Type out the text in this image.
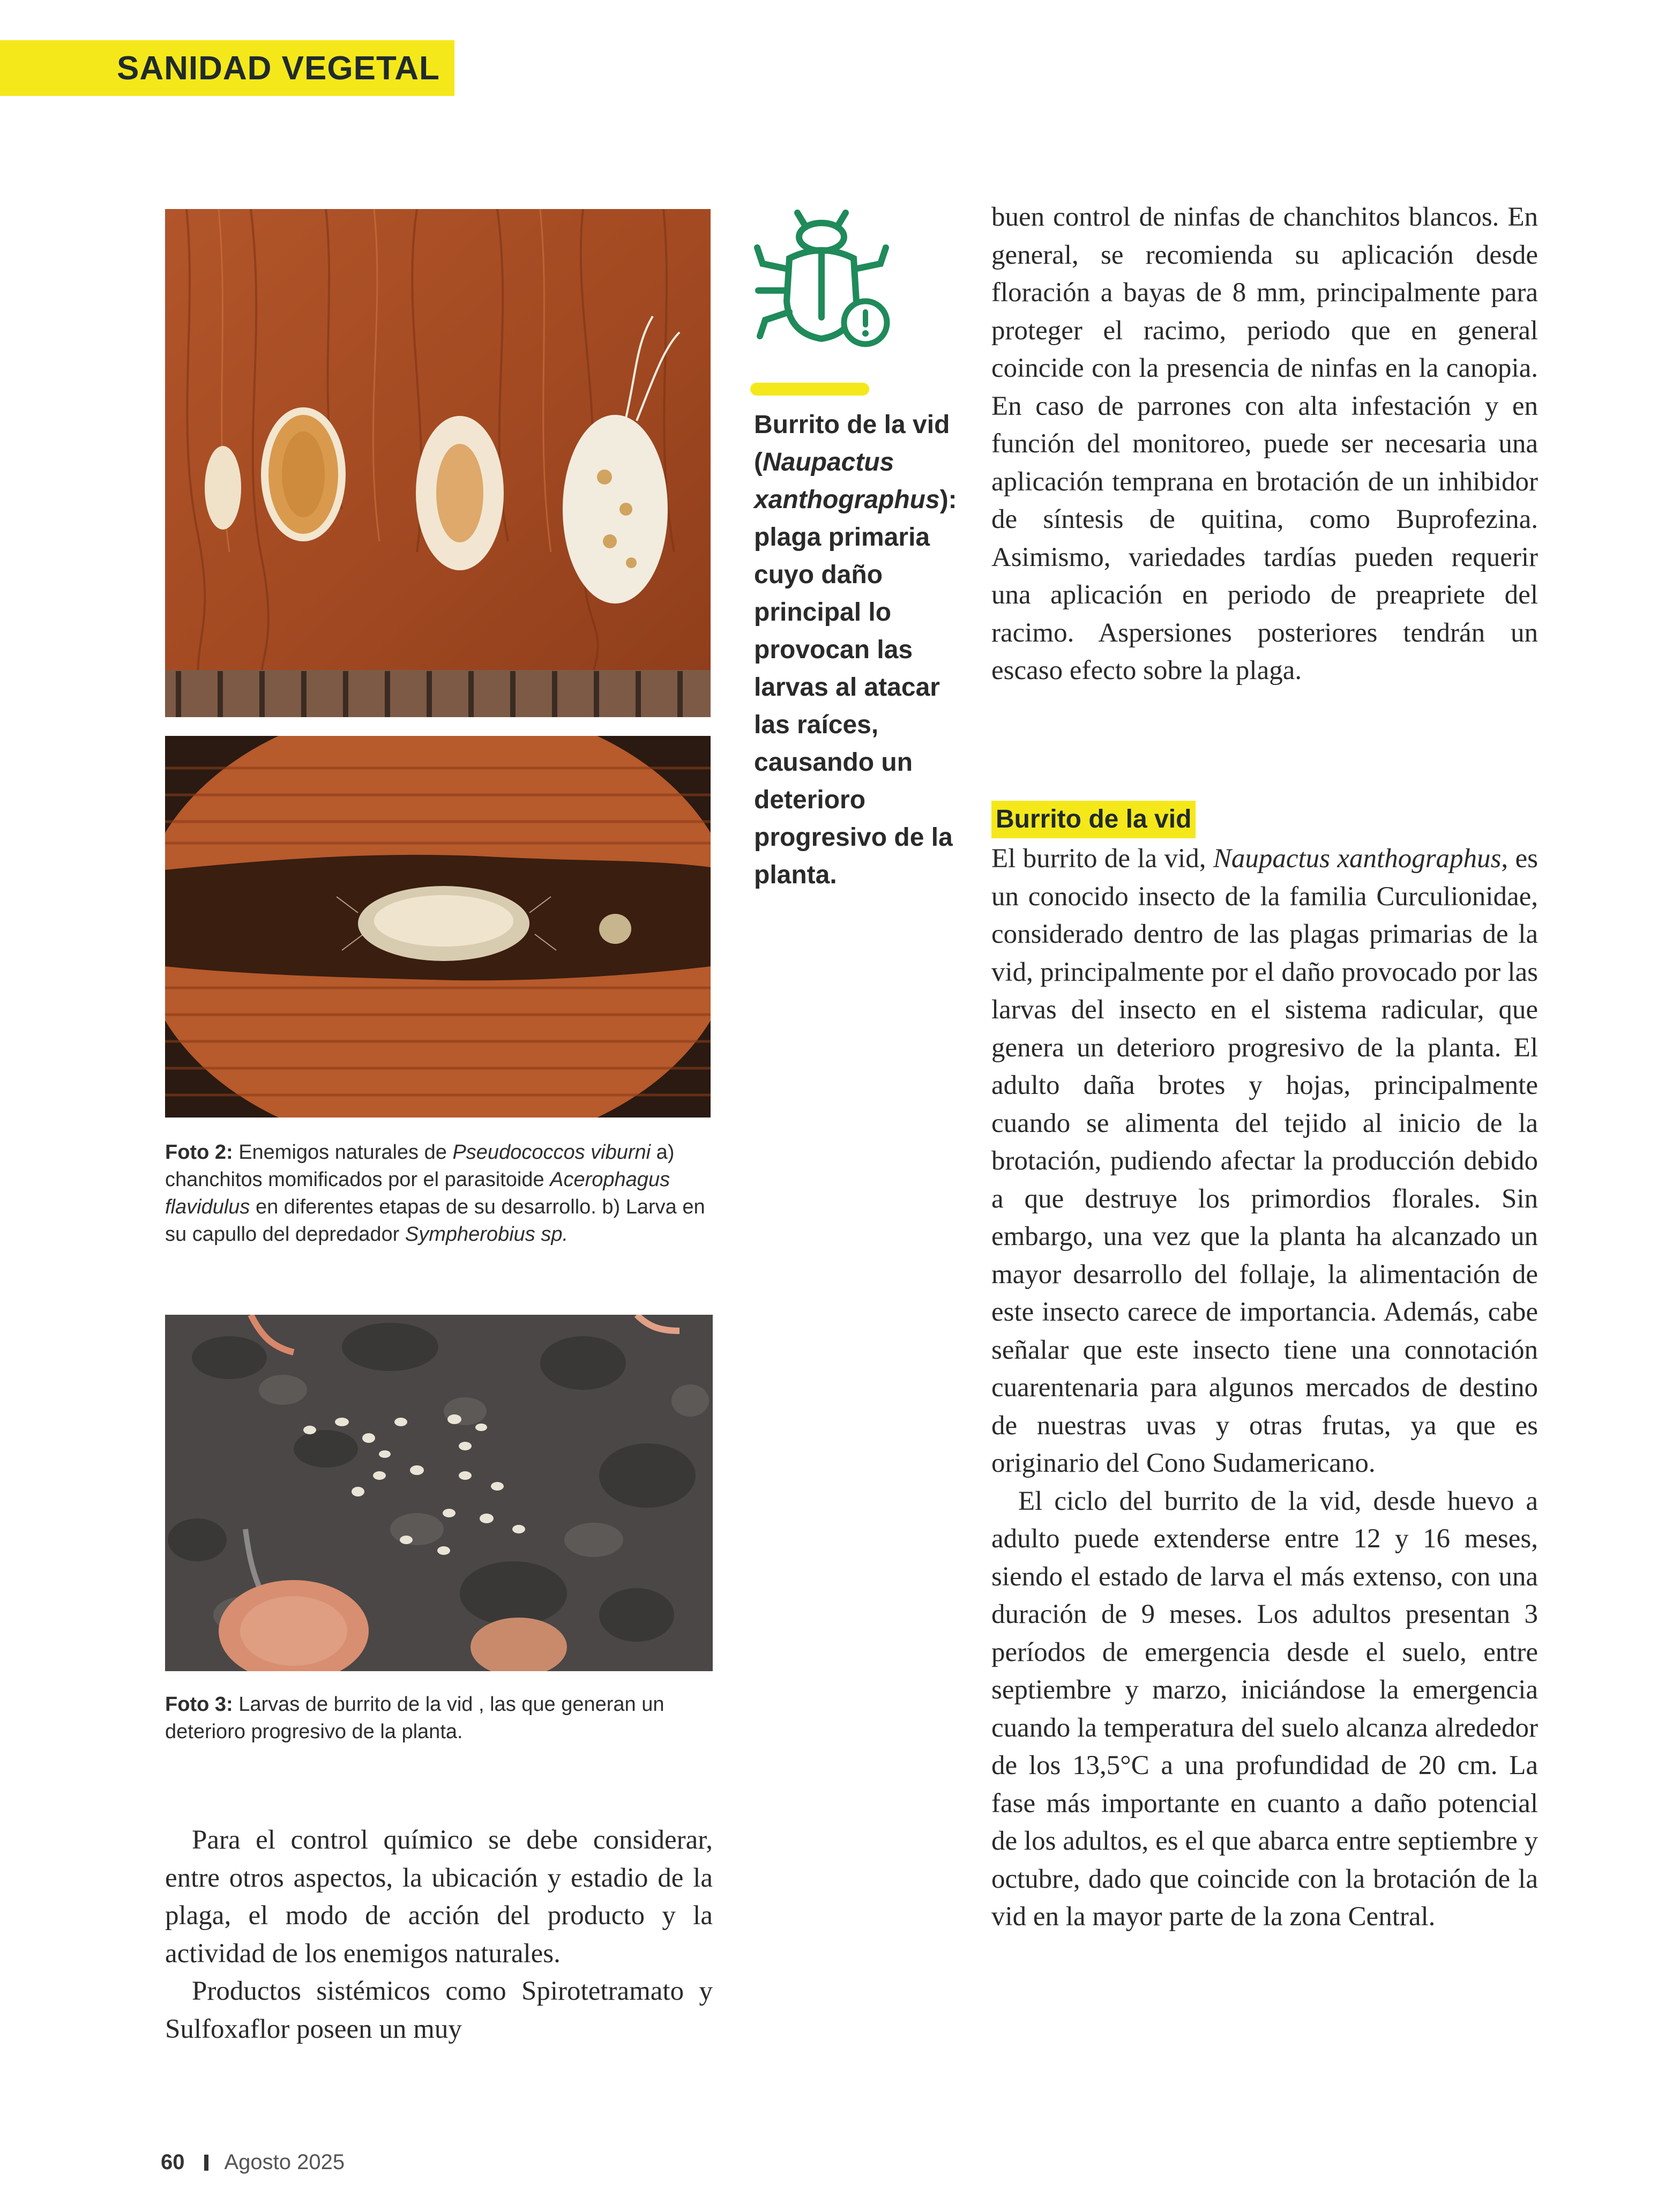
SANIDAD VEGETAL
Foto 2: Enemigos naturales de Pseudococcos viburni a) chanchitos momificados por el parasitoide Acerophagus flavidulus en diferentes etapas de su desarrollo. b) Larva en su capullo del depredador Sympherobius sp.
Foto 3: Larvas de burrito de la vid , las que generan un deterioro progresivo de la planta.

Para el control químico se debe considerar, entre otros aspectos, la ubicación y estadio de la plaga, el modo de acción del producto y la actividad de los enemigos naturales.

Productos sistémicos como Spirotetramato y Sulfoxaflor poseen un muy

Burrito de la vid (Naupactus xanthographus): plaga primaria cuyo daño principal lo provocan las larvas al atacar las raíces, causando un deterioro progresivo de la planta.

buen control de ninfas de chanchitos blancos. En general, se recomienda su aplicación desde floración a bayas de 8 mm, principalmente para proteger el racimo, periodo que en general coincide con la presencia de ninfas en la canopia. En caso de parrones con alta infestación y en función del monitoreo, puede ser necesaria una aplicación temprana en brotación de un inhibidor de síntesis de quitina, como Buprofezina. Asimismo, variedades tardías pueden requerir una aplicación en periodo de preapriete del racimo. Aspersiones posteriores tendrán un escaso efecto sobre la plaga.

Burrito de la vid

El burrito de la vid, Naupactus xanthographus, es un conocido insecto de la familia Curculionidae, considerado dentro de las plagas primarias de la vid, principalmente por el daño provocado por las larvas del insecto en el sistema radicular, que genera un deterioro progresivo de la planta. El adulto daña brotes y hojas, principalmente cuando se alimenta del tejido al inicio de la brotación, pudiendo afectar la producción debido a que destruye los primordios florales. Sin embargo, una vez que la planta ha alcanzado un mayor desarrollo del follaje, la alimentación de este insecto carece de importancia. Además, cabe señalar que este insecto tiene una connotación cuarentenaria para algunos mercados de destino de nuestras uvas y otras frutas, ya que es originario del Cono Sudamericano.

El ciclo del burrito de la vid, desde huevo a adulto puede extenderse entre 12 y 16 meses, siendo el estado de larva el más extenso, con una duración de 9 meses. Los adultos presentan 3 períodos de emergencia desde el suelo, entre septiembre y marzo, iniciándose la emergencia cuando la temperatura del suelo alcanza alrededor de los 13,5°C a una profundidad de 20 cm. La fase más importante en cuanto a daño potencial de los adultos, es el que abarca entre septiembre y octubre, dado que coincide con la brotación de la vid en la mayor parte de la zona Central.

60 Agosto 2025
